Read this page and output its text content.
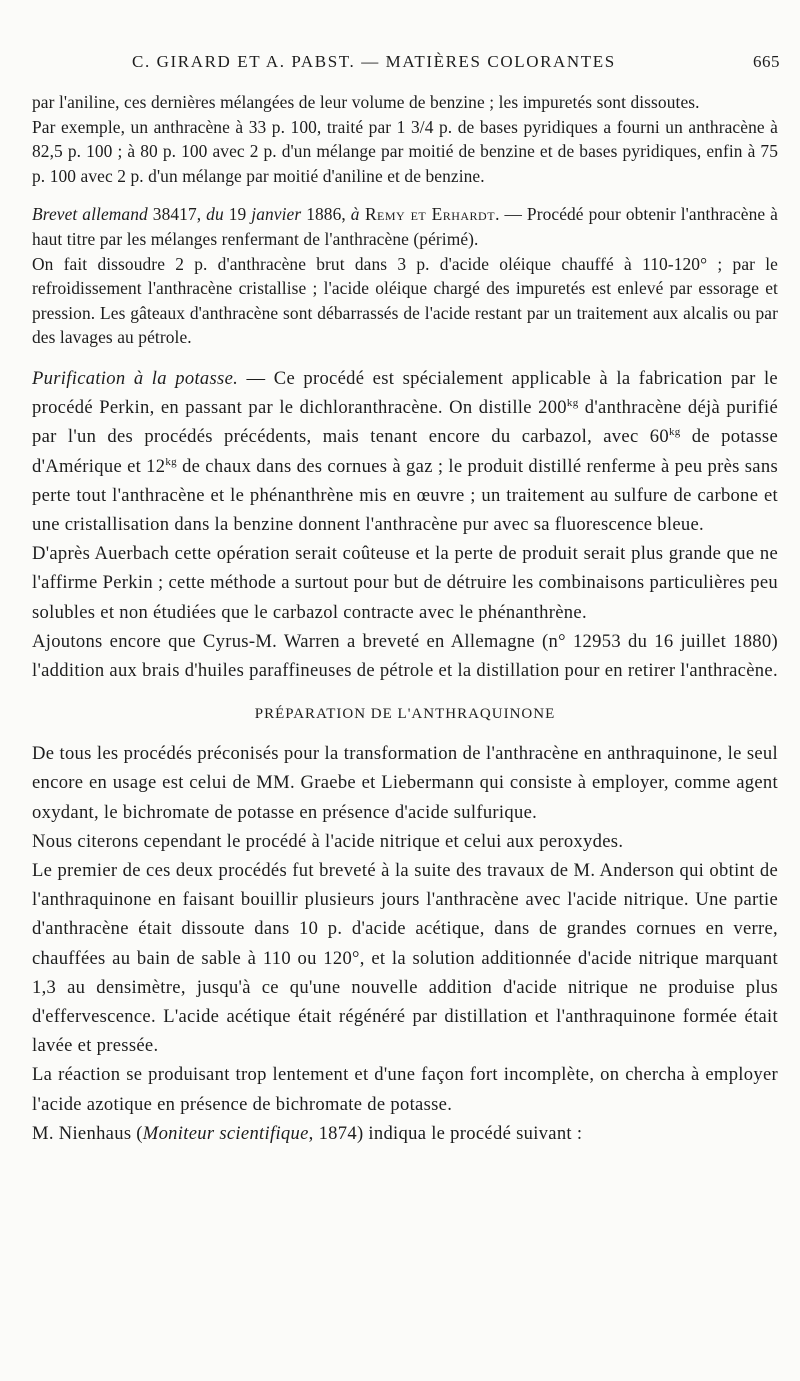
C. GIRARD ET A. PABST. — MATIÈRES COLORANTES	665

par l'aniline, ces dernières mélangées de leur volume de benzine ; les impuretés sont dissoutes.

Par exemple, un anthracène à 33 p. 100, traité par 1 3/4 p. de bases pyridiques a fourni un anthracène à 82,5 p. 100 ; à 80 p. 100 avec 2 p. d'un mélange par moitié de benzine et de bases pyridiques, enfin à 75 p. 100 avec 2 p. d'un mélange par moitié d'aniline et de benzine.

Brevet allemand 38417, du 19 janvier 1886, à Remy et Erhardt. — Procédé pour obtenir l'anthracène à haut titre par les mélanges renfermant de l'anthracène (périmé).

On fait dissoudre 2 p. d'anthracène brut dans 3 p. d'acide oléique chauffé à 110-120° ; par le refroidissement l'anthracène cristallise ; l'acide oléique chargé des impuretés est enlevé par essorage et pression. Les gâteaux d'anthracène sont débarrassés de l'acide restant par un traitement aux alcalis ou par des lavages au pétrole.

Purification à la potasse. — Ce procédé est spécialement applicable à la fabrication par le procédé Perkin, en passant par le dichloranthracène. On distille $200^{kg}$ d'anthracène déjà purifié par l'un des procédés précédents, mais tenant encore du carbazol, avec $60^{kg}$ de potasse d'Amérique et $12^{kg}$ de chaux dans des cornues à gaz ; le produit distillé renferme à peu près sans perte tout l'anthracène et le phénanthrène mis en œuvre ; un traitement au sulfure de carbone et une cristallisation dans la benzine donnent l'anthracène pur avec sa fluorescence bleue.

D'après Auerbach cette opération serait coûteuse et la perte de produit serait plus grande que ne l'affirme Perkin ; cette méthode a surtout pour but de détruire les combinaisons particulières peu solubles et non étudiées que le carbazol contracte avec le phénanthrène.

Ajoutons encore que Cyrus-M. Warren a breveté en Allemagne (n° 12953 du 16 juillet 1880) l'addition aux brais d'huiles paraffineuses de pétrole et la distillation pour en retirer l'anthracène.

PRÉPARATION DE L'ANTHRAQUINONE

De tous les procédés préconisés pour la transformation de l'anthracène en anthraquinone, le seul encore en usage est celui de MM. Graebe et Liebermann qui consiste à employer, comme agent oxydant, le bichromate de potasse en présence d'acide sulfurique.

Nous citerons cependant le procédé à l'acide nitrique et celui aux peroxydes.

Le premier de ces deux procédés fut breveté à la suite des travaux de M. Anderson qui obtint de l'anthraquinone en faisant bouillir plusieurs jours l'anthracène avec l'acide nitrique. Une partie d'anthracène était dissoute dans 10 p. d'acide acétique, dans de grandes cornues en verre, chauffées au bain de sable à 110 ou 120°, et la solution additionnée d'acide nitrique marquant 1,3 au densimètre, jusqu'à ce qu'une nouvelle addition d'acide nitrique ne produise plus d'effervescence. L'acide acétique était régénéré par distillation et l'anthraquinone formée était lavée et pressée.

La réaction se produisant trop lentement et d'une façon fort incomplète, on chercha à employer l'acide azotique en présence de bichromate de potasse.

M. Nienhaus (Moniteur scientifique, 1874) indiqua le procédé suivant :
